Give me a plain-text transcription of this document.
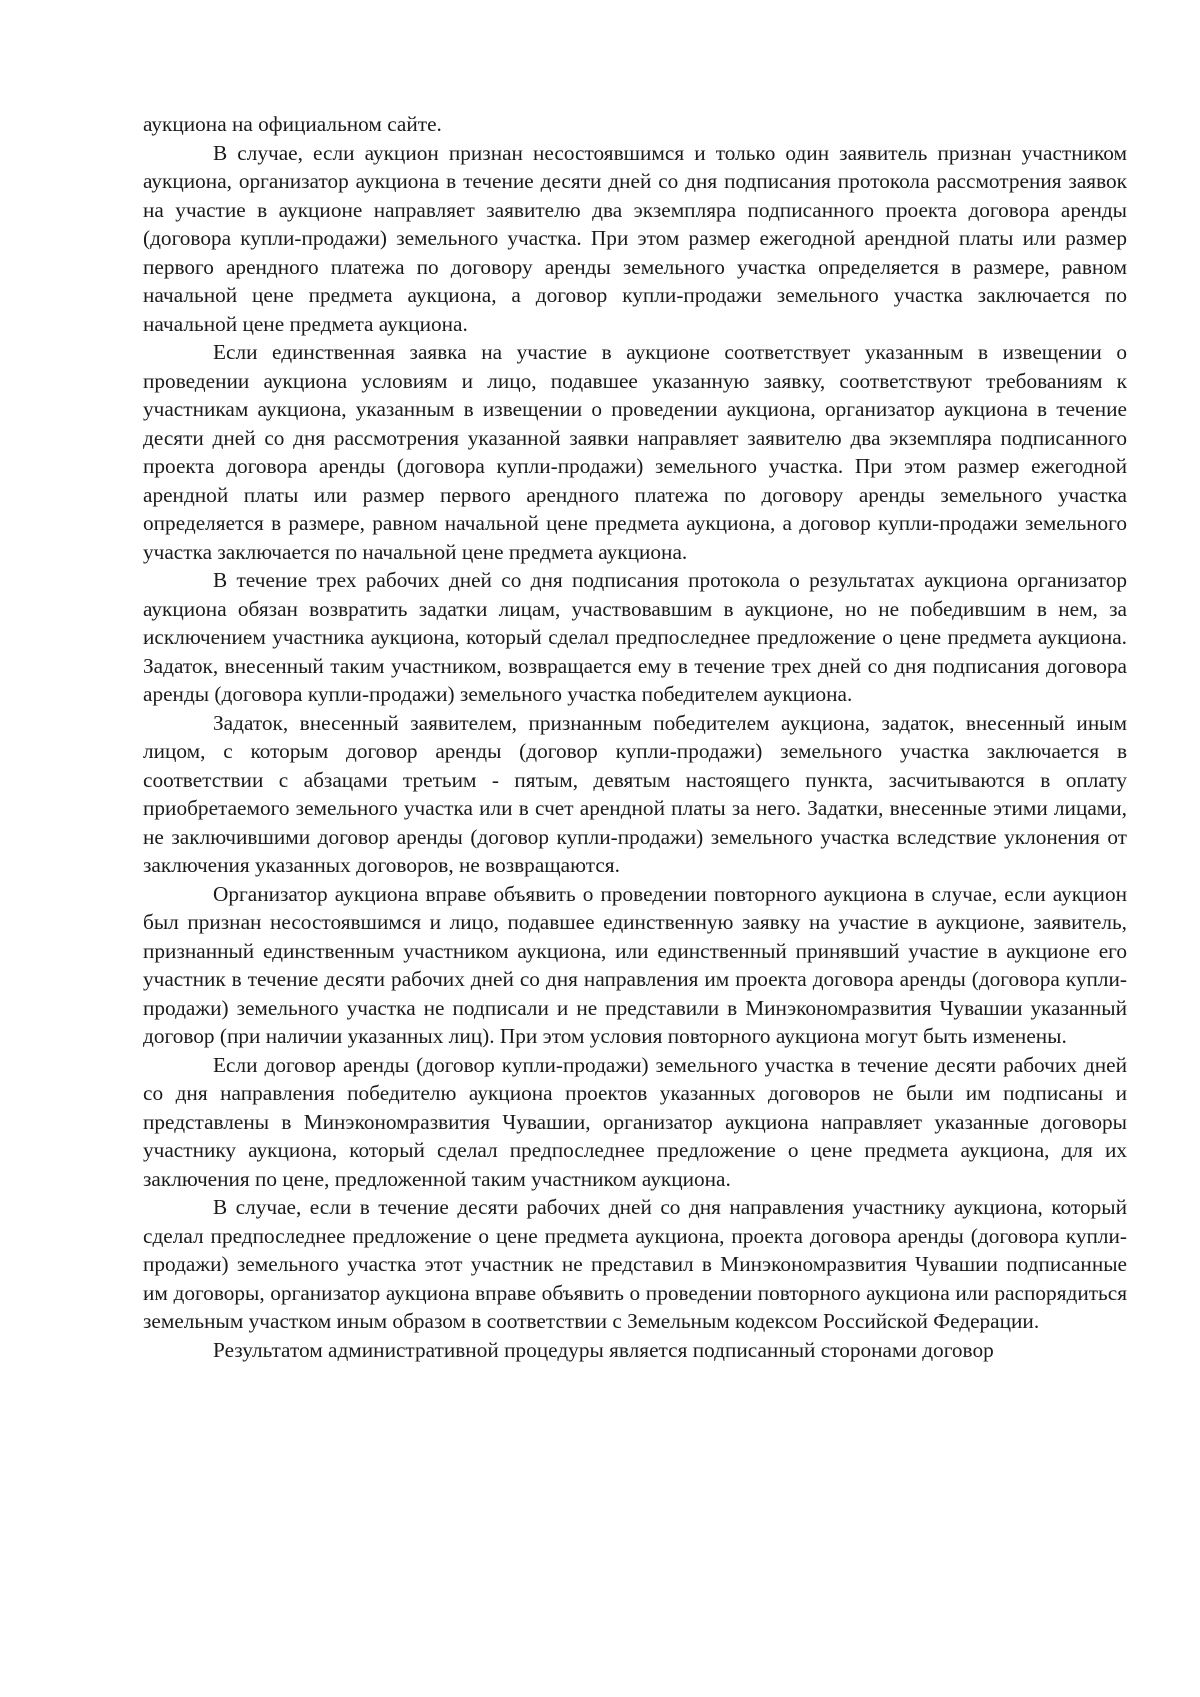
аукциона на официальном сайте.

В случае, если аукцион признан несостоявшимся и только один заявитель признан участником аукциона, организатор аукциона в течение десяти дней со дня подписания протокола рассмотрения заявок на участие в аукционе направляет заявителю два экземпляра подписанного проекта договора аренды (договора купли-продажи) земельного участка. При этом размер ежегодной арендной платы или размер первого арендного платежа по договору аренды земельного участка определяется в размере, равном начальной цене предмета аукциона, а договор купли-продажи земельного участка заключается по начальной цене предмета аукциона.

Если единственная заявка на участие в аукционе соответствует указанным в извещении о проведении аукциона условиям и лицо, подавшее указанную заявку, соответствуют требованиям к участникам аукциона, указанным в извещении о проведении аукциона, организатор аукциона в течение десяти дней со дня рассмотрения указанной заявки направляет заявителю два экземпляра подписанного проекта договора аренды (договора купли-продажи) земельного участка. При этом размер ежегодной арендной платы или размер первого арендного платежа по договору аренды земельного участка определяется в размере, равном начальной цене предмета аукциона, а договор купли-продажи земельного участка заключается по начальной цене предмета аукциона.

В течение трех рабочих дней со дня подписания протокола о результатах аукциона организатор аукциона обязан возвратить задатки лицам, участвовавшим в аукционе, но не победившим в нем, за исключением участника аукциона, который сделал предпоследнее предложение о цене предмета аукциона. Задаток, внесенный таким участником, возвращается ему в течение трех дней со дня подписания договора аренды (договора купли-продажи) земельного участка победителем аукциона.

Задаток, внесенный заявителем, признанным победителем аукциона, задаток, внесенный иным лицом, с которым договор аренды (договор купли-продажи) земельного участка заключается в соответствии с абзацами третьим - пятым, девятым настоящего пункта, засчитываются в оплату приобретаемого земельного участка или в счет арендной платы за него. Задатки, внесенные этими лицами, не заключившими договор аренды (договор купли-продажи) земельного участка вследствие уклонения от заключения указанных договоров, не возвращаются.

Организатор аукциона вправе объявить о проведении повторного аукциона в случае, если аукцион был признан несостоявшимся и лицо, подавшее единственную заявку на участие в аукционе, заявитель, признанный единственным участником аукциона, или единственный принявший участие в аукционе его участник в течение десяти рабочих дней со дня направления им проекта договора аренды (договора купли-продажи) земельного участка не подписали и не представили в Минэкономразвития Чувашии указанный договор (при наличии указанных лиц). При этом условия повторного аукциона могут быть изменены.

Если договор аренды (договор купли-продажи) земельного участка в течение десяти рабочих дней со дня направления победителю аукциона проектов указанных договоров не были им подписаны и представлены в Минэкономразвития Чувашии, организатор аукциона направляет указанные договоры участнику аукциона, который сделал предпоследнее предложение о цене предмета аукциона, для их заключения по цене, предложенной таким участником аукциона.

В случае, если в течение десяти рабочих дней со дня направления участнику аукциона, который сделал предпоследнее предложение о цене предмета аукциона, проекта договора аренды (договора купли-продажи) земельного участка этот участник не представил в Минэкономразвития Чувашии подписанные им договоры, организатор аукциона вправе объявить о проведении повторного аукциона или распорядиться земельным участком иным образом в соответствии с Земельным кодексом Российской Федерации.

Результатом административной процедуры является подписанный сторонами договор
